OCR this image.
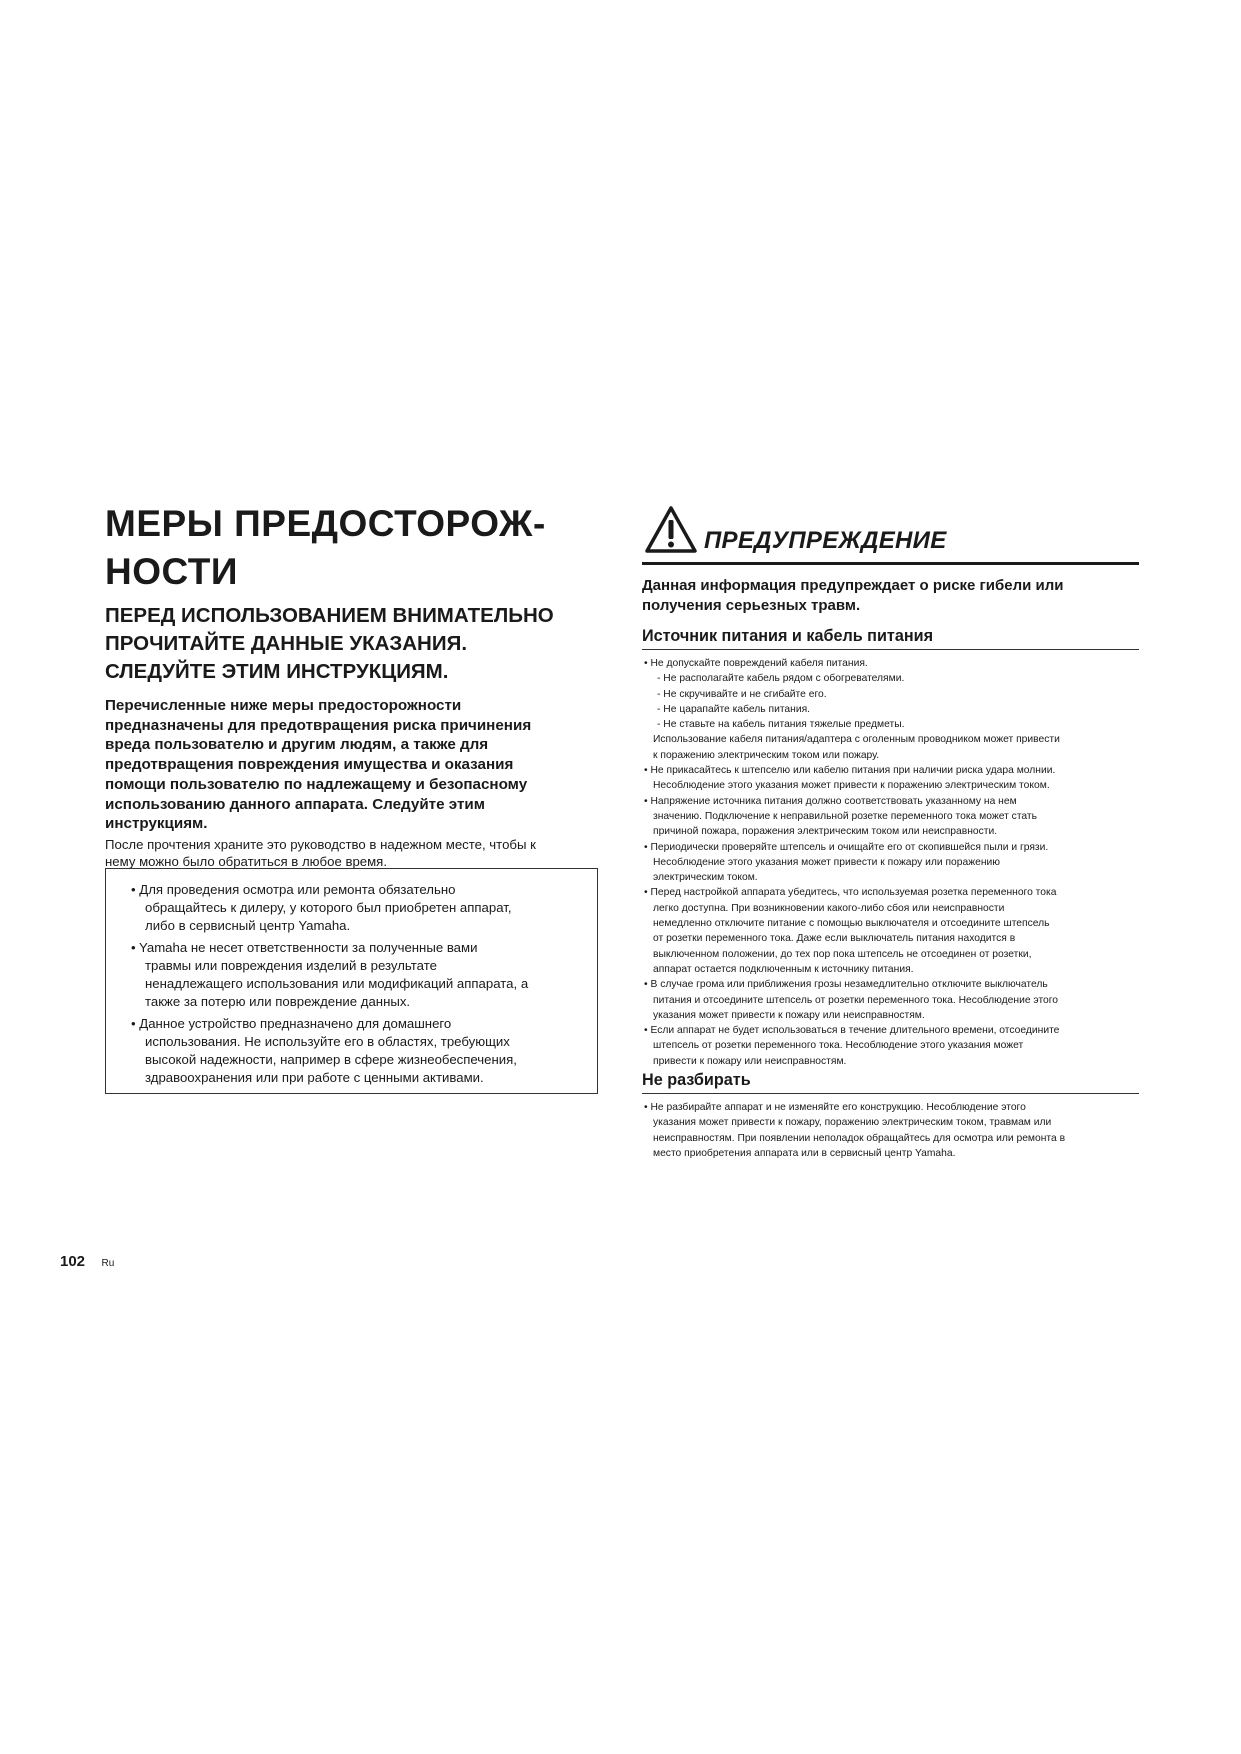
МЕРЫ ПРЕДОСТОРОЖ-
НОСТИ
ПЕРЕД ИСПОЛЬЗОВАНИЕМ ВНИМАТЕЛЬНО
ПРОЧИТАЙТЕ ДАННЫЕ УКАЗАНИЯ.
СЛЕДУЙТЕ ЭТИМ ИНСТРУКЦИЯМ.

Перечисленные ниже меры предосторожности
предназначены для предотвращения риска причинения
вреда пользователю и другим людям, а также для
предотвращения повреждения имущества и оказания
помощи пользователю по надлежащему и безопасному
использованию данного аппарата. Следуйте этим
инструкциям.

После прочтения храните это руководство в надежном месте, чтобы к
нему можно было обратиться в любое время.

• Для проведения осмотра или ремонта обязательно
обращайтесь к дилеру, у которого был приобретен аппарат,
либо в сервисный центр Yamaha.
• Yamaha не несет ответственности за полученные вами
травмы или повреждения изделий в результате
ненадлежащего использования или модификаций аппарата, а
также за потерю или повреждение данных.
• Данное устройство предназначено для домашнего
использования. Не используйте его в областях, требующих
высокой надежности, например в сфере жизнеобеспечения,
здравоохранения или при работе с ценными активами.
ПРЕДУПРЕЖДЕНИЕ
Данная информация предупреждает о риске гибели или
получения серьезных травм.
Источник питания и кабель питания
• Не допускайте повреждений кабеля питания.
- Не располагайте кабель рядом с обогревателями.
- Не скручивайте и не сгибайте его.
- Не царапайте кабель питания.
- Не ставьте на кабель питания тяжелые предметы.
Использование кабеля питания/адаптера с оголенным проводником может привести
к поражению электрическим током или пожару.
• Не прикасайтесь к штепселю или кабелю питания при наличии риска удара молнии.
Несоблюдение этого указания может привести к поражению электрическим током.
• Напряжение источника питания должно соответствовать указанному на нем
значению. Подключение к неправильной розетке переменного тока может стать
причиной пожара, поражения электрическим током или неисправности.
• Периодически проверяйте штепсель и очищайте его от скопившейся пыли и грязи.
Несоблюдение этого указания может привести к пожару или поражению
электрическим током.
• Перед настройкой аппарата убедитесь, что используемая розетка переменного тока
легко доступна. При возникновении какого-либо сбоя или неисправности
немедленно отключите питание с помощью выключателя и отсоедините штепсель
от розетки переменного тока. Даже если выключатель питания находится в
выключенном положении, до тех пор пока штепсель не отсоединен от розетки,
аппарат остается подключенным к источнику питания.
• В случае грома или приближения грозы незамедлительно отключите выключатель
питания и отсоедините штепсель от розетки переменного тока. Несоблюдение этого
указания может привести к пожару или неисправностям.
• Если аппарат не будет использоваться в течение длительного времени, отсоедините
штепсель от розетки переменного тока. Несоблюдение этого указания может
привести к пожару или неисправностям.
Не разбирать
• Не разбирайте аппарат и не изменяйте его конструкцию. Несоблюдение этого
указания может привести к пожару, поражению электрическим током, травмам или
неисправностям. При появлении неполадок обращайтесь для осмотра или ремонта в
место приобретения аппарата или в сервисный центр Yamaha.
102 Ru
